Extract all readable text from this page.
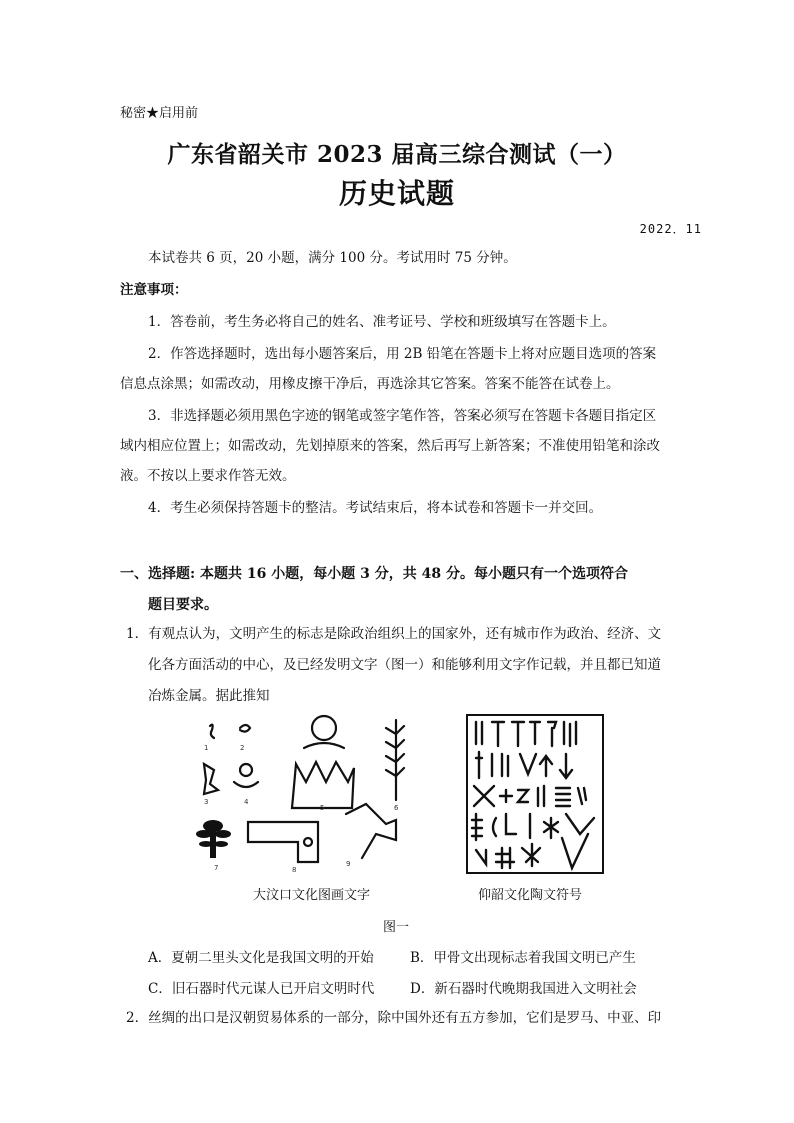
秘密★启用前
广东省韶关市 2023 届高三综合测试（一）
历史试题
2022．11
本试卷共 6 页，20 小题，满分 100 分。考试用时 75 分钟。
注意事项：
1．答卷前，考生务必将自己的姓名、准考证号、学校和班级填写在答题卡上。
2．作答选择题时，选出每小题答案后，用 2B 铅笔在答题卡上将对应题目选项的答案
信息点涂黑；如需改动，用橡皮擦干净后，再选涂其它答案。答案不能答在试卷上。
3．非选择题必须用黑色字迹的钢笔或签字笔作答，答案必须写在答题卡各题目指定区
域内相应位置上；如需改动，先划掉原来的答案，然后再写上新答案；不准使用铅笔和涂改
液。不按以上要求作答无效。
4．考生必须保持答题卡的整洁。考试结束后，将本试卷和答题卡一并交回。
一、选择题: 本题共 16 小题，每小题 3 分，共 48 分。每小题只有一个选项符合
题目要求。
1．有观点认为，文明产生的标志是除政治组织上的国家外，还有城市作为政治、经济、文
化各方面活动的中心，及已经发明文字（图一）和能够利用文字作记载，并且都已知道
冶炼金属。据此推知
1	2
3	4
5	6
7	8
9
大汶口文化图画文字	仰韶文化陶文符号
图一
A．夏朝二里头文化是我国文明的开始	B．甲骨文出现标志着我国文明已产生
C．旧石器时代元谋人已开启文明时代	D．新石器时代晚期我国进入文明社会
2．丝绸的出口是汉朝贸易体系的一部分，除中国外还有五方参加，它们是罗马、中亚、印
